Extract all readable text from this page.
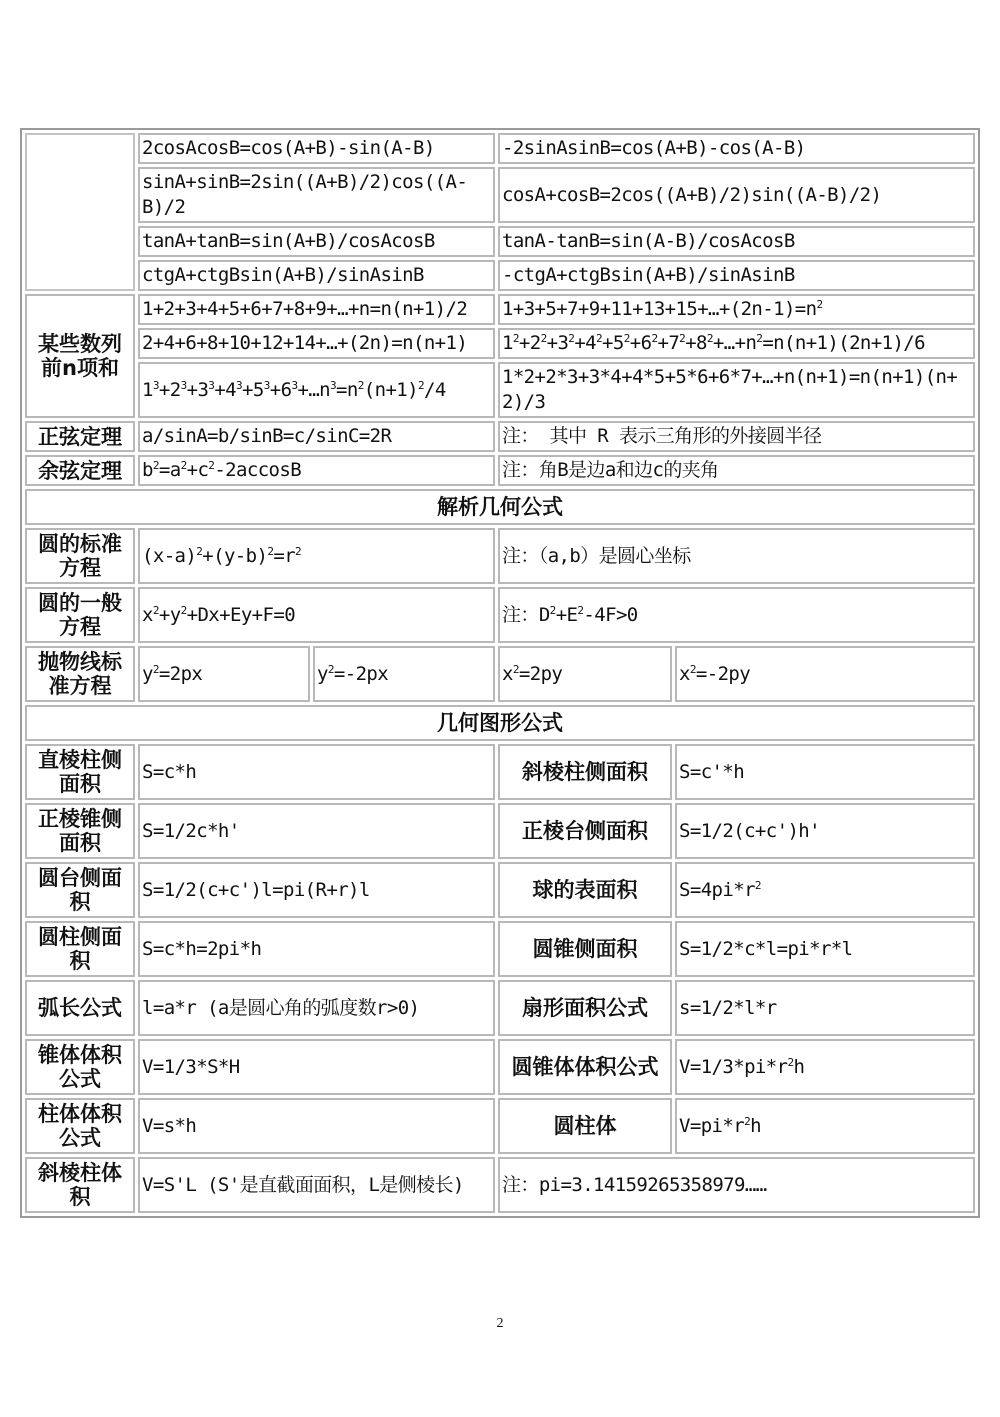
	2cosAcosB=cos(A+B)-sin(A-B)		-2sinAsinB=cos(A+B)-cos(A-B)	
	sinA+sinB=2sin((A+B)/2)cos((A-B)/2		cosA+cosB=2cos((A+B)/2)sin((A-B)/2)	
	tanA+tanB=sin(A+B)/cosAcosB		tanA-tanB=sin(A-B)/cosAcosB	
	ctgA+ctgBsin(A+B)/sinAsinB		-ctgA+ctgBsin(A+B)/sinAsinB	
某些数列前n项和	1+2+3+4+5+6+7+8+9+…+n=n(n+1)/2		$1+3+5+7+9+11+13+15+\dots+(2n-1)=n^2$
	2+4+6+8+10+12+14+…+(2n)=n(n+1)		$1^2+2^2+3^2+4^2+5^2+6^2+7^2+8^2+\dots+n^2=n(n+1)(2n+1)/6$	
	$1^3+2^3+3^3+4^3+5^3+6^3+\dots n^3=n^2(n+1)^2/4$		1*2+2*3+3*4+4*5+5*6+6*7+…+n(n+1)=n(n+1)(n+2)/3	
正弦定理	a/sinA=b/sinB=c/sinC=2R		注： 其中 R 表示三角形的外接圆半径	
余弦定理	$b^2=a^2+c^2-2accosB$		注：角B是边a和边c的夹角	
解析几何公式				
圆的标准方程	$(x-a)^2+(y-b)^2=r^2$		注：（a,b）是圆心坐标	
圆的一般方程	$x^2+y^2+Dx+Ey+F=0$		注：$D^2+E^2-4F>0$	
抛物线标准方程	$y^2=2px$	$y^2=-2px$	$x^2=2py$	$x^2=-2py$
几何图形公式				
直棱柱侧面积	S=c*h		斜棱柱侧面积	S=c'*h
正棱锥侧面积	S=1/2c*h'		正棱台侧面积	S=1/2(c+c')h'
圆台侧面积	S=1/2(c+c')l=pi(R+r)l		球的表面积	$S=4pi*r^2$
圆柱侧面积	S=c*h=2pi*h		圆锥侧面积	S=1/2*c*l=pi*r*l
弧长公式	l=a*r (a是圆心角的弧度数r>0)		扇形面积公式	s=1/2*l*r
锥体体积公式	V=1/3*S*H		圆锥体体积公式	$V=1/3*pi*r^2h$
柱体体积公式	V=s*h		圆柱体	$V=pi*r^2h$
斜棱柱体积	V=S'L (S'是直截面面积，L是侧棱长)		注：pi=3.14159265358979……	
2
